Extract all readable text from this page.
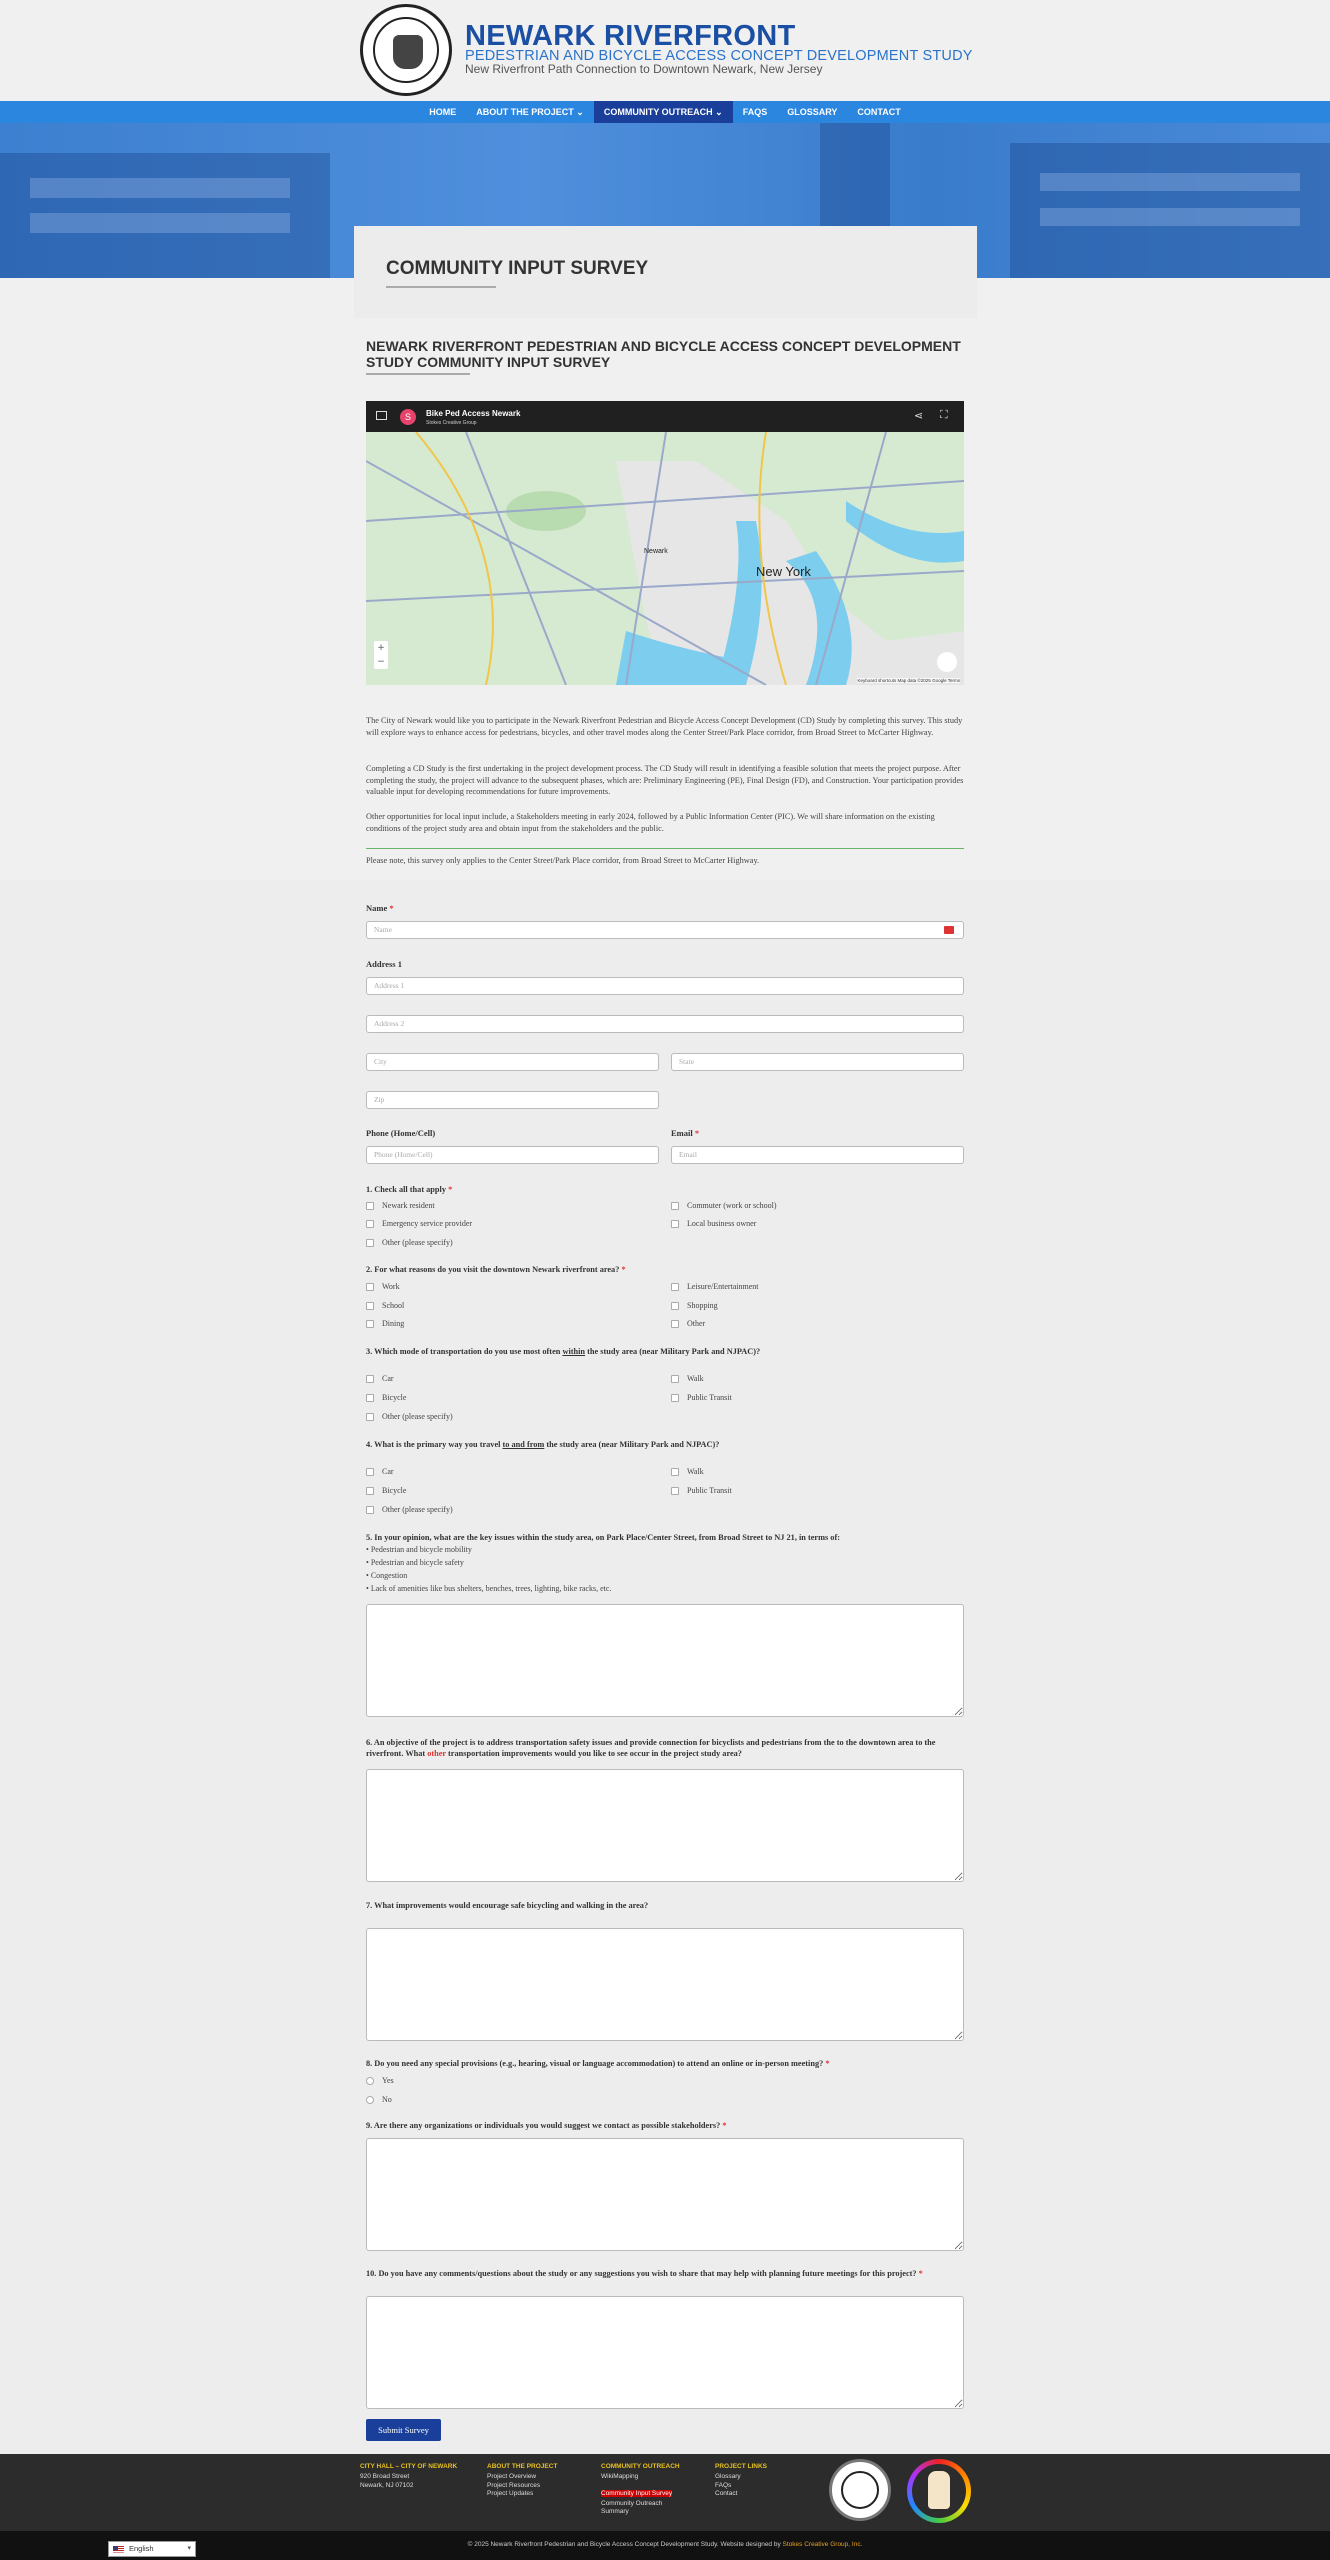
NEWARK RIVERFRONT
PEDESTRIAN AND BICYCLE ACCESS CONCEPT DEVELOPMENT STUDY
New Riverfront Path Connection to Downtown Newark, New Jersey
HOME	ABOUT THE PROJECT ⌄	COMMUNITY OUTREACH ⌄	FAQS	GLOSSARY	CONTACT
COMMUNITY INPUT SURVEY
NEWARK RIVERFRONT PEDESTRIAN AND BICYCLE ACCESS CONCEPT DEVELOPMENT STUDY COMMUNITY INPUT SURVEY
S	Bike Ped Access Newark
Stokes Creative Group
⋖ ⛶
New York
Newark
+
−
Keyboard shortcuts Map data ©2025 Google Terms
The City of Newark would like you to participate in the Newark Riverfront Pedestrian and Bicycle Access Concept Development (CD) Study by completing this survey. This study will explore ways to enhance access for pedestrians, bicycles, and other travel modes along the Center Street/Park Place corridor, from Broad Street to McCarter Highway.
Completing a CD Study is the first undertaking in the project development process. The CD Study will result in identifying a feasible solution that meets the project purpose. After completing the study, the project will advance to the subsequent phases, which are: Preliminary Engineering (PE), Final Design (FD), and Construction. Your participation provides valuable input for developing recommendations for future improvements.
Other opportunities for local input include, a Stakeholders meeting in early 2024, followed by a Public Information Center (PIC). We will share information on the existing conditions of the project study area and obtain input from the stakeholders and the public.
Please note, this survey only applies to the Center Street/Park Place corridor, from Broad Street to McCarter Highway.
Name *
Name
Address 1
Address 1
Address 2
City	State
Zip
Phone (Home/Cell)	Email *
Phone (Home/Cell)	Email
1. Check all that apply *
Newark resident	Commuter (work or school)
Emergency service provider	Local business owner
Other (please specify)
2. For what reasons do you visit the downtown Newark riverfront area? *
Work	Leisure/Entertainment
School	Shopping
Dining	Other
3. Which mode of transportation do you use most often within the study area (near Military Park and NJPAC)?
Car	Walk
Bicycle	Public Transit
Other (please specify)
4. What is the primary way you travel to and from the study area (near Military Park and NJPAC)?
Car	Walk
Bicycle	Public Transit
Other (please specify)
5. In your opinion, what are the key issues within the study area, on Park Place/Center Street, from Broad Street to NJ 21, in terms of:
• Pedestrian and bicycle mobility
• Pedestrian and bicycle safety
• Congestion
• Lack of amenities like bus shelters, benches, trees, lighting, bike racks, etc.
6. An objective of the project is to address transportation safety issues and provide connection for bicyclists and pedestrians from the to the downtown area to the riverfront. What other transportation improvements would you like to see occur in the project study area?
7. What improvements would encourage safe bicycling and walking in the area?
8. Do you need any special provisions (e.g., hearing, visual or language accommodation) to attend an online or in-person meeting? *
Yes
No
9. Are there any organizations or individuals you would suggest we contact as possible stakeholders? *
10. Do you have any comments/questions about the study or any suggestions you wish to share that may help with planning future meetings for this project? *
Submit Survey
CITY HALL – CITY OF NEWARK
920 Broad Street
Newark, NJ 07102
ABOUT THE PROJECT
Project Overview
Project Resources
Project Updates
COMMUNITY OUTREACH
WikiMapping
Community Input Survey
Community Outreach Summary
PROJECT LINKS
Glossary
FAQs
Contact
© 2025 Newark Riverfront Pedestrian and Bicycle Access Concept Development Study. Website designed by Stokes Creative Group, Inc.
English	▾
